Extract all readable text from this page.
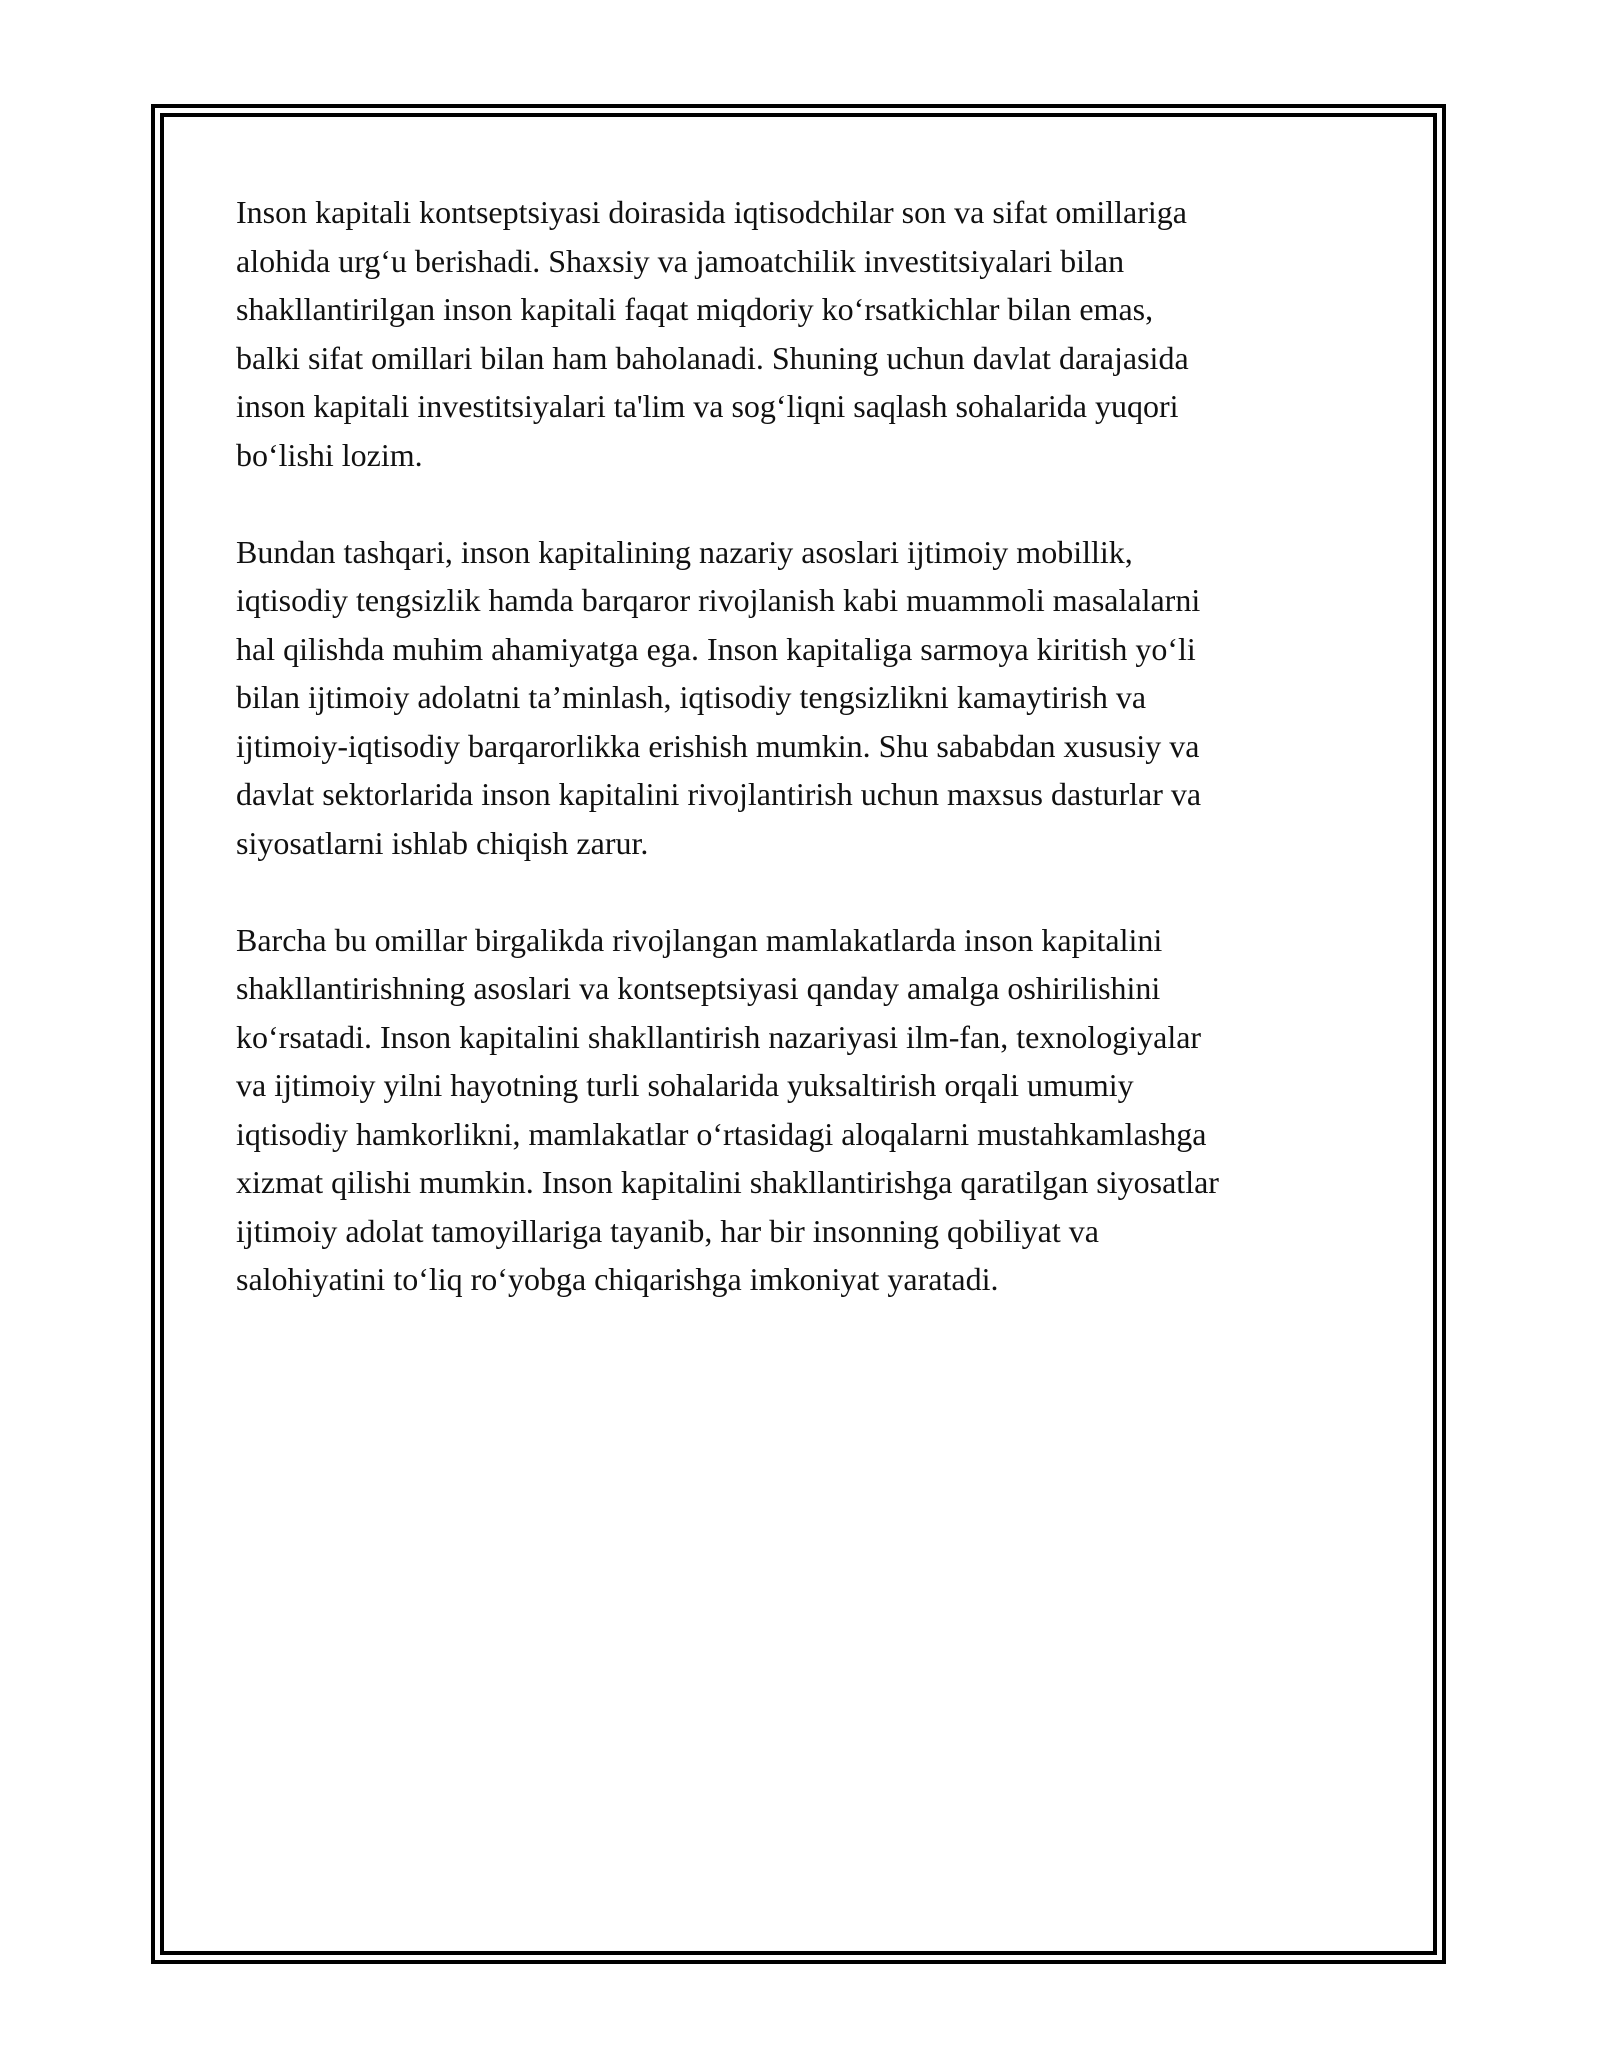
Inson kapitali kontseptsiyasi doirasida iqtisodchilar son va sifat omillariga
alohida urg‘u berishadi. Shaxsiy va jamoatchilik investitsiyalari bilan
shakllantirilgan inson kapitali faqat miqdoriy ko‘rsatkichlar bilan emas,
balki sifat omillari bilan ham baholanadi. Shuning uchun davlat darajasida
inson kapitali investitsiyalari ta'lim va sog‘liqni saqlash sohalarida yuqori
bo‘lishi lozim.

Bundan tashqari, inson kapitalining nazariy asoslari ijtimoiy mobillik,
iqtisodiy tengsizlik hamda barqaror rivojlanish kabi muammoli masalalarni
hal qilishda muhim ahamiyatga ega. Inson kapitaliga sarmoya kiritish yo‘li
bilan ijtimoiy adolatni ta’minlash, iqtisodiy tengsizlikni kamaytirish va
ijtimoiy-iqtisodiy barqarorlikka erishish mumkin. Shu sababdan xususiy va
davlat sektorlarida inson kapitalini rivojlantirish uchun maxsus dasturlar va
siyosatlarni ishlab chiqish zarur.

Barcha bu omillar birgalikda rivojlangan mamlakatlarda inson kapitalini
shakllantirishning asoslari va kontseptsiyasi qanday amalga oshirilishini
ko‘rsatadi. Inson kapitalini shakllantirish nazariyasi ilm-fan, texnologiyalar
va ijtimoiy yilni hayotning turli sohalarida yuksaltirish orqali umumiy
iqtisodiy hamkorlikni, mamlakatlar o‘rtasidagi aloqalarni mustahkamlashga
xizmat qilishi mumkin. Inson kapitalini shakllantirishga qaratilgan siyosatlar
ijtimoiy adolat tamoyillariga tayanib, har bir insonning qobiliyat va
salohiyatini to‘liq ro‘yobga chiqarishga imkoniyat yaratadi.
